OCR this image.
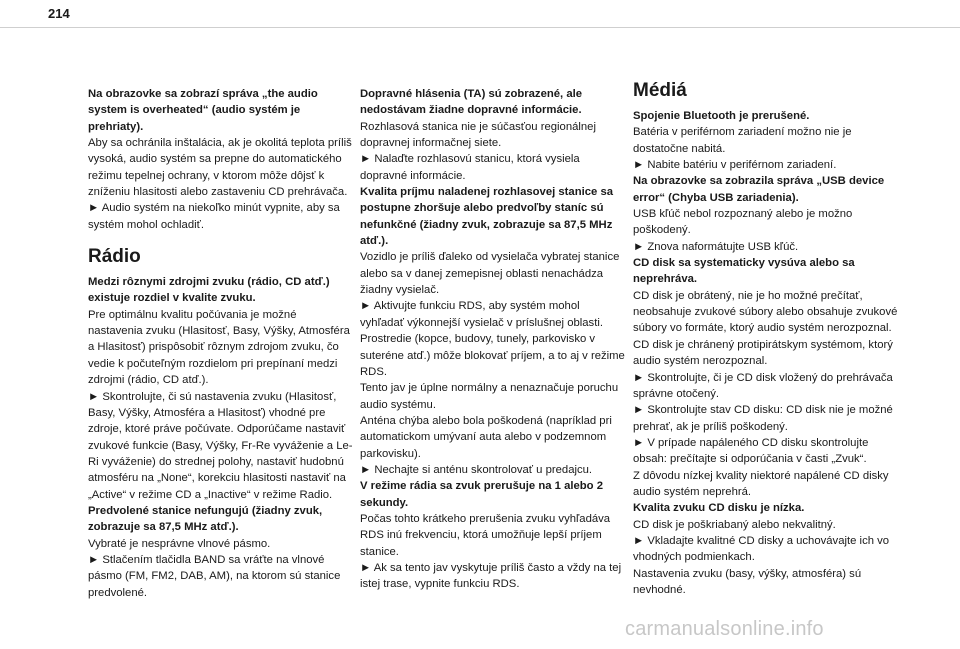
214

Na obrazovke sa zobrazí správa „the audio system is overheated“ (audio systém je prehriaty).

Aby sa ochránila inštalácia, ak je okolitá teplota príliš vysoká, audio systém sa prepne do automatického režimu tepelnej ochrany, v ktorom môže dôjsť k zníženiu hlasitosti alebo zastaveniu CD prehrávača.

► Audio systém na niekoľko minút vypnite, aby sa systém mohol ochladiť.

Rádio

Medzi rôznymi zdrojmi zvuku (rádio, CD atď.) existuje rozdiel v kvalite zvuku.

Pre optimálnu kvalitu počúvania je možné nastavenia zvuku (Hlasitosť, Basy, Výšky, Atmosféra a Hlasitosť) prispôsobiť rôznym zdrojom zvuku, čo vedie k počuteľným rozdielom pri prepínaní medzi zdrojmi (rádio, CD atď.).

► Skontrolujte, či sú nastavenia zvuku (Hlasitosť, Basy, Výšky, Atmosféra a Hlasitosť) vhodné pre zdroje, ktoré práve počúvate. Odporúčame nastaviť zvukové funkcie (Basy, Výšky, Fr-Re vyváženie a Le-Ri vyváženie) do strednej polohy, nastaviť hudobnú atmosféru na „None“, korekciu hlasitosti nastaviť na „Active“ v režime CD a „Inactive“ v režime Radio.

Predvolené stanice nefungujú (žiadny zvuk, zobrazuje sa 87,5 MHz atď.).

Vybraté je nesprávne vlnové pásmo.

► Stlačením tlačidla BAND sa vráťte na vlnové pásmo (FM, FM2, DAB, AM), na ktorom sú stanice predvolené.

Dopravné hlásenia (TA) sú zobrazené, ale nedostávam žiadne dopravné informácie.

Rozhlasová stanica nie je súčasťou regionálnej dopravnej informačnej siete.

► Nalaďte rozhlasovú stanicu, ktorá vysiela dopravné informácie.

Kvalita príjmu naladenej rozhlasovej stanice sa postupne zhoršuje alebo predvoľby staníc sú nefunkčné (žiadny zvuk, zobrazuje sa 87,5 MHz atď.).

Vozidlo je príliš ďaleko od vysielača vybratej stanice alebo sa v danej zemepisnej oblasti nenachádza žiadny vysielač.

► Aktivujte funkciu RDS, aby systém mohol vyhľadať výkonnejší vysielač v príslušnej oblasti.

Prostredie (kopce, budovy, tunely, parkovisko v suteréne atď.) môže blokovať príjem, a to aj v režime RDS.

Tento jav je úplne normálny a nenaznačuje poruchu audio systému.

Anténa chýba alebo bola poškodená (napríklad pri automatickom umývaní auta alebo v podzemnom parkovisku).

► Nechajte si anténu skontrolovať u predajcu.

V režime rádia sa zvuk prerušuje na 1 alebo 2 sekundy.

Počas tohto krátkeho prerušenia zvuku vyhľadáva RDS inú frekvenciu, ktorá umožňuje lepší príjem stanice.

► Ak sa tento jav vyskytuje príliš často a vždy na tej istej trase, vypnite funkciu RDS.

Médiá

Spojenie Bluetooth je prerušené.

Batéria v periférnom zariadení možno nie je dostatočne nabitá.

► Nabite batériu v periférnom zariadení.

Na obrazovke sa zobrazila správa „USB device error“ (Chyba USB zariadenia).

USB kľúč nebol rozpoznaný alebo je možno poškodený.

► Znova naformátujte USB kľúč.

CD disk sa systematicky vysúva alebo sa neprehráva.

CD disk je obrátený, nie je ho možné prečítať, neobsahuje zvukové súbory alebo obsahuje zvukové súbory vo formáte, ktorý audio systém nerozpoznal.

CD disk je chránený protipirátskym systémom, ktorý audio systém nerozpoznal.

► Skontrolujte, či je CD disk vložený do prehrávača správne otočený.

► Skontrolujte stav CD disku: CD disk nie je možné prehrať, ak je príliš poškodený.

► V prípade napáleného CD disku skontrolujte obsah: prečítajte si odporúčania v časti „Zvuk“.

Z dôvodu nízkej kvality niektoré napálené CD disky audio systém neprehrá.

Kvalita zvuku CD disku je nízka.

CD disk je poškriabaný alebo nekvalitný.

► Vkladajte kvalitné CD disky a uchovávajte ich vo vhodných podmienkach.

Nastavenia zvuku (basy, výšky, atmosféra) sú nevhodné.

carmanualsonline.info
